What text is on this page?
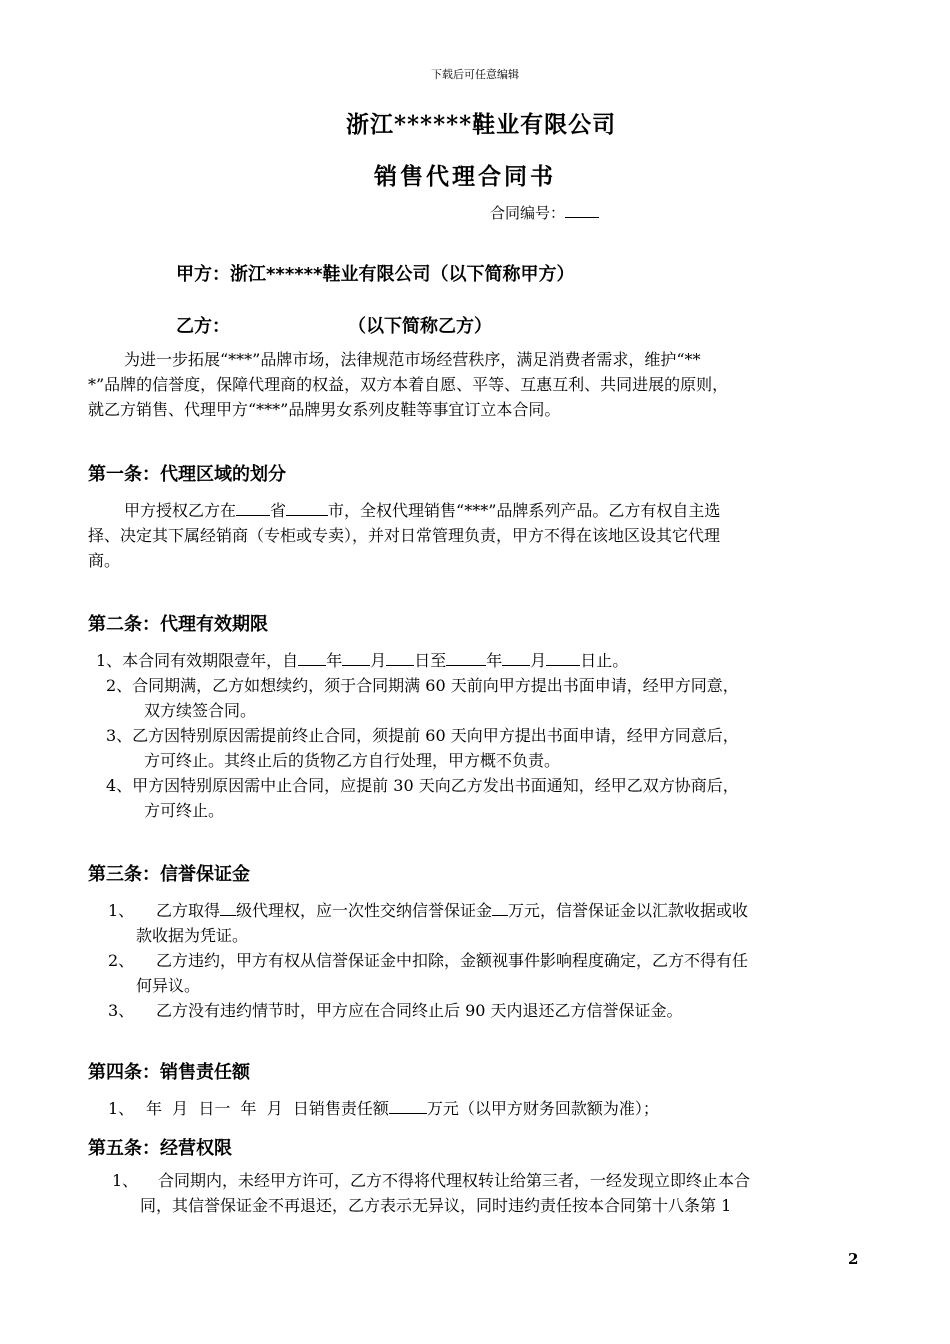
下载后可任意编辑
浙江******鞋业有限公司
销售代理合同书
合同编号：
甲方：浙江******鞋业有限公司（以下简称甲方）
乙方：	（以下简称乙方）
为进一步拓展“***”品牌市场，法律规范市场经营秩序，满足消费者需求，维护“**
*”品牌的信誉度，保障代理商的权益，双方本着自愿、平等、互惠互利、共同进展的原则，
就乙方销售、代理甲方“***”品牌男女系列皮鞋等事宜订立本合同。
第一条：代理区域的划分
甲方授权乙方在 省	市，全权代理销售“***”品牌系列产品。乙方有权自主选
择、决定其下属经销商（专柜或专卖），并对日常管理负责，甲方不得在该地区设其它代理
商。
第二条：代理有效期限
1、本合同有效期限壹年，自 年 月 日至	年 月 日止。
2、合同期满，乙方如想续约，须于合同期满 60 天前向甲方提出书面申请，经甲方同意，
双方续签合同。
3、乙方因特别原因需提前终止合同，须提前 60 天向甲方提出书面申请，经甲方同意后，
方可终止。其终止后的货物乙方自行处理，甲方概不负责。
4、甲方因特别原因需中止合同，应提前 30 天向乙方发出书面通知，经甲乙双方协商后，
方可终止。
第三条：信誉保证金
1、 乙方取得 级代理权，应一次性交纳信誉保证金 万元，信誉保证金以汇款收据或收
款收据为凭证。
2、 乙方违约，甲方有权从信誉保证金中扣除，金额视事件影响程度确定，乙方不得有任
何异议。
3、 乙方没有违约情节时，甲方应在合同终止后 90 天内退还乙方信誉保证金。
第四条：销售责任额
1、 年  月  日一  年  月  日销售责任额 万元（以甲方财务回款额为准）；
第五条：经营权限
1、 合同期内，未经甲方许可，乙方不得将代理权转让给第三者，一经发现立即终止本合
同，其信誉保证金不再退还，乙方表示无异议，同时违约责任按本合同第十八条第 1
2
